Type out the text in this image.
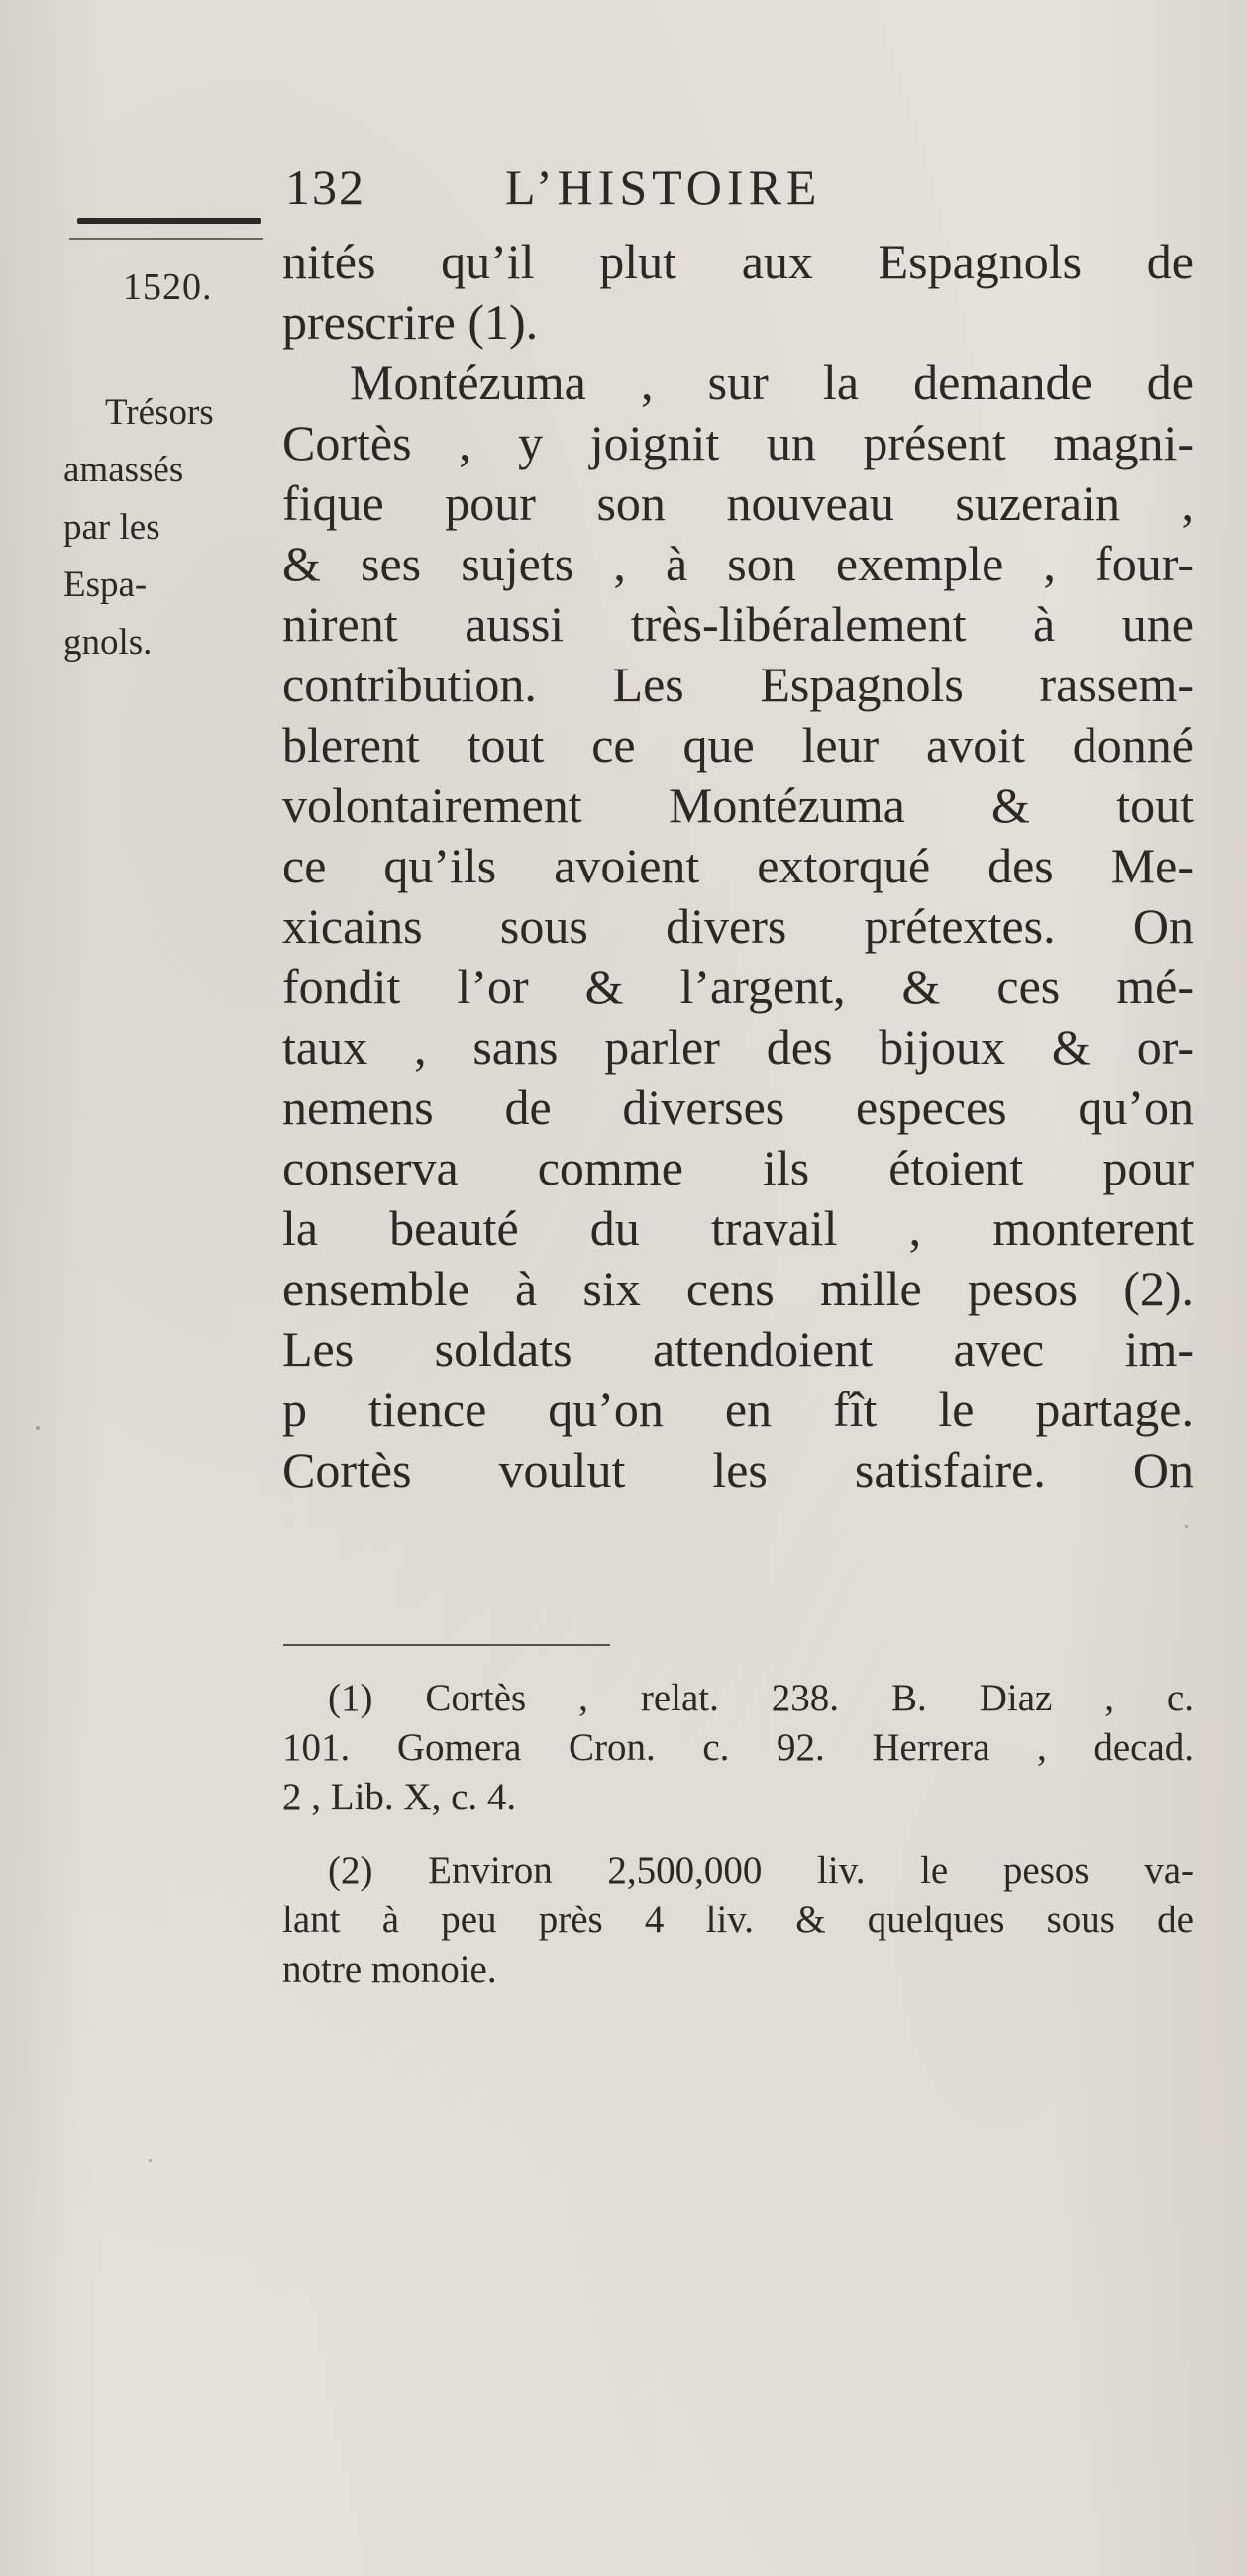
132	L’HISTOIRE
1520.
Trésors
amassés
par les
Espa-
gnols.
nités qu’il plut aux Espagnols de
prescrire (1).
Montézuma , sur la demande de
Cortès , y joignit un présent magni-
fique pour son nouveau suzerain ,
& ses sujets , à son exemple , four-
nirent aussi très-libéralement à une
contribution. Les Espagnols rassem-
blerent tout ce que leur avoit donné
volontairement Montézuma & tout
ce qu’ils avoient extorqué des Me-
xicains sous divers prétextes. On
fondit l’or & l’argent, & ces mé-
taux , sans parler des bijoux & or-
nemens de diverses especes qu’on
conserva comme ils étoient pour
la beauté du travail , monterent
ensemble à six cens mille pesos (2).
Les soldats attendoient avec im-
p tience qu’on en fît le partage.
Cortès voulut les satisfaire. On
(1) Cortès , relat. 238. B. Diaz , c.
101. Gomera Cron. c. 92. Herrera , decad.
2 , Lib. X, c. 4.
(2) Environ 2,500,000 liv. le pesos va-
lant à peu près 4 liv. & quelques sous de
notre monoie.
